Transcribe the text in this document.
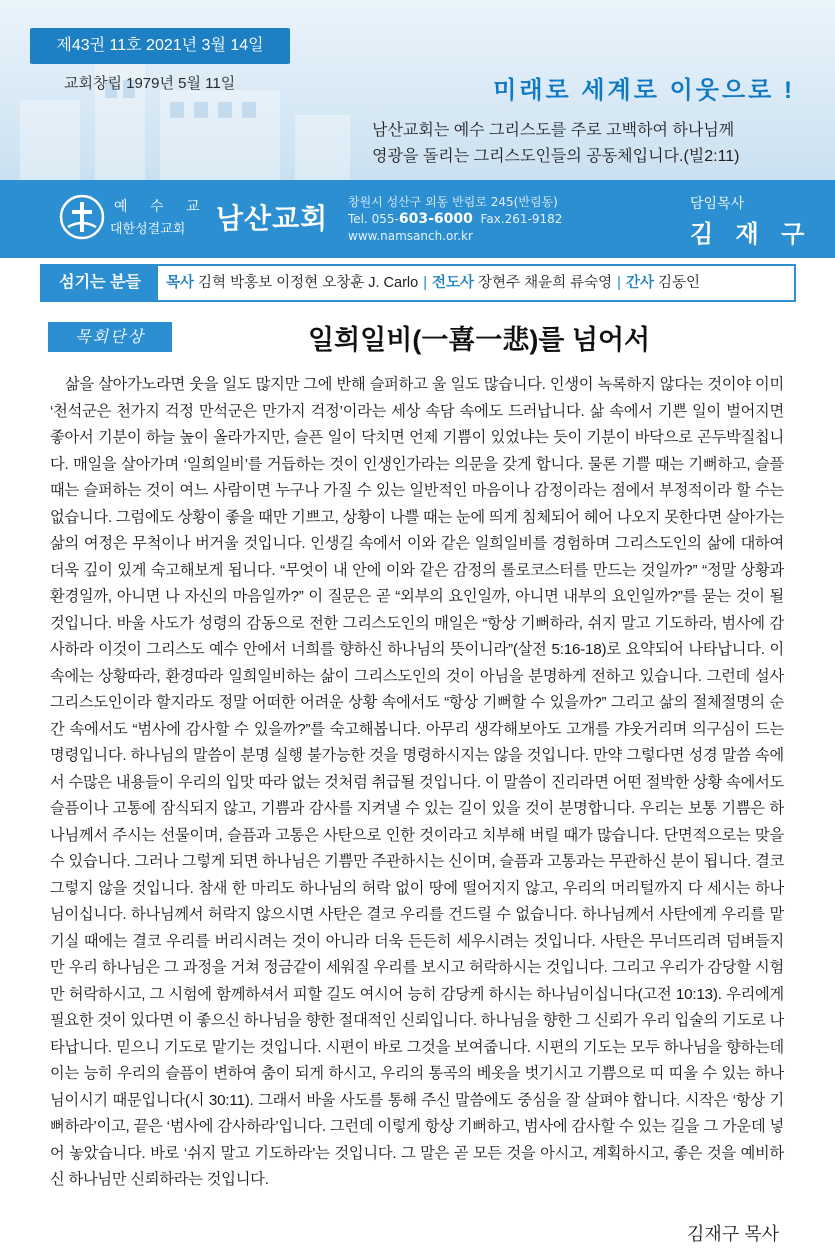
제43권 11호 2021년 3월 14일
교회창립 1979년 5월 11일	미래로 세계로 이웃으로 !
남산교회는 예수 그리스도를 주로 고백하여 하나님께
영광을 돌리는 그리스도인들의 공동체입니다.(빌2:11)
예 수 교
대한성결교회 남산교회 창원시 성산구 외동 반림로 245(반림동)
Tel. 055-603-6000 Fax.261-9182
www.namsanch.or.kr
담임목사
김 재 구
섬기는 분들	목사 김혁 박홍보 이정현 오창훈 J. Carlo | 전도사 장현주 채윤희 류숙영 | 간사 김동인
목회단상	일희일비(一喜一悲)를 넘어서

삶을 살아가노라면 웃을 일도 많지만 그에 반해 슬퍼하고 울 일도 많습니다. 인생이 녹록하지 않다는 것이야 이미 ‘천석군은 천가지 걱정 만석군은 만가지 걱정’이라는 세상 속담 속에도 드러납니다. 삶 속에서 기쁜 일이 벌어지면 좋아서 기분이 하늘 높이 올라가지만, 슬픈 일이 닥치면 언제 기쁨이 있었냐는 듯이 기분이 바닥으로 곤두박질칩니다. 매일을 살아가며 ‘일희일비’를 거듭하는 것이 인생인가라는 의문을 갖게 합니다. 물론 기쁠 때는 기뻐하고, 슬플 때는 슬퍼하는 것이 여느 사람이면 누구나 가질 수 있는 일반적인 마음이나 감정이라는 점에서 부정적이라 할 수는 없습니다. 그럼에도 상황이 좋을 때만 기쁘고, 상황이 나쁠 때는 눈에 띄게 침체되어 헤어 나오지 못한다면 살아가는 삶의 여정은 무척이나 버거울 것입니다. 인생길 속에서 이와 같은 일희일비를 경험하며 그리스도인의 삶에 대하여 더욱 깊이 있게 숙고해보게 됩니다. “무엇이 내 안에 이와 같은 감정의 롤로코스터를 만드는 것일까?” “정말 상황과 환경일까, 아니면 나 자신의 마음일까?” 이 질문은 곧 “외부의 요인일까, 아니면 내부의 요인일까?”를 묻는 것이 될 것입니다. 바울 사도가 성령의 감동으로 전한 그리스도인의 매일은 “항상 기뻐하라, 쉬지 말고 기도하라, 범사에 감사하라 이것이 그리스도 예수 안에서 너희를 향하신 하나님의 뜻이니라”(살전 5:16-18)로 요약되어 나타납니다. 이 속에는 상황따라, 환경따라 일희일비하는 삶이 그리스도인의 것이 아님을 분명하게 전하고 있습니다. 그런데 설사 그리스도인이라 할지라도 정말 어떠한 어려운 상황 속에서도 “항상 기뻐할 수 있을까?” 그리고 삶의 절체절명의 순간 속에서도 “범사에 감사할 수 있을까?”를 숙고해봅니다. 아무리 생각해보아도 고개를 갸웃거리며 의구심이 드는 명령입니다. 하나님의 말씀이 분명 실행 불가능한 것을 명령하시지는 않을 것입니다. 만약 그렇다면 성경 말씀 속에서 수많은 내용들이 우리의 입맛 따라 없는 것처럼 취급될 것입니다. 이 말씀이 진리라면 어떤 절박한 상황 속에서도 슬픔이나 고통에 잠식되지 않고, 기쁨과 감사를 지켜낼 수 있는 길이 있을 것이 분명합니다. 우리는 보통 기쁨은 하나님께서 주시는 선물이며, 슬픔과 고통은 사탄으로 인한 것이라고 치부해 버릴 때가 많습니다. 단면적으로는 맞을 수 있습니다. 그러나 그렇게 되면 하나님은 기쁨만 주관하시는 신이며, 슬픔과 고통과는 무관하신 분이 됩니다. 결코 그렇지 않을 것입니다. 참새 한 마리도 하나님의 허락 없이 땅에 떨어지지 않고, 우리의 머리털까지 다 세시는 하나님이십니다. 하나님께서 허락지 않으시면 사탄은 결코 우리를 건드릴 수 없습니다. 하나님께서 사탄에게 우리를 맡기실 때에는 결코 우리를 버리시려는 것이 아니라 더욱 든든히 세우시려는 것입니다. 사탄은 무너뜨리려 덤벼들지만 우리 하나님은 그 과정을 거쳐 정금같이 세워질 우리를 보시고 허락하시는 것입니다. 그리고 우리가 감당할 시험만 허락하시고, 그 시험에 함께하셔서 피할 길도 여시어 능히 감당케 하시는 하나님이십니다(고전 10:13). 우리에게 필요한 것이 있다면 이 좋으신 하나님을 향한 절대적인 신뢰입니다. 하나님을 향한 그 신뢰가 우리 입술의 기도로 나타납니다. 믿으니 기도로 맡기는 것입니다. 시편이 바로 그것을 보여줍니다. 시편의 기도는 모두 하나님을 향하는데 이는 능히 우리의 슬픔이 변하여 춤이 되게 하시고, 우리의 통곡의 베옷을 벗기시고 기쁨으로 띠 띠울 수 있는 하나님이시기 때문입니다(시 30:11). 그래서 바울 사도를 통해 주신 말씀에도 중심을 잘 살펴야 합니다. 시작은 ‘항상 기뻐하라’이고, 끝은 ‘범사에 감사하라’입니다. 그런데 이렇게 항상 기뻐하고, 범사에 감사할 수 있는 길을 그 가운데 넣어 놓았습니다. 바로 ‘쉬지 말고 기도하라’는 것입니다. 그 말은 곧 모든 것을 아시고, 계획하시고, 좋은 것을 예비하신 하나님만 신뢰하라는 것입니다.

김재구 목사
